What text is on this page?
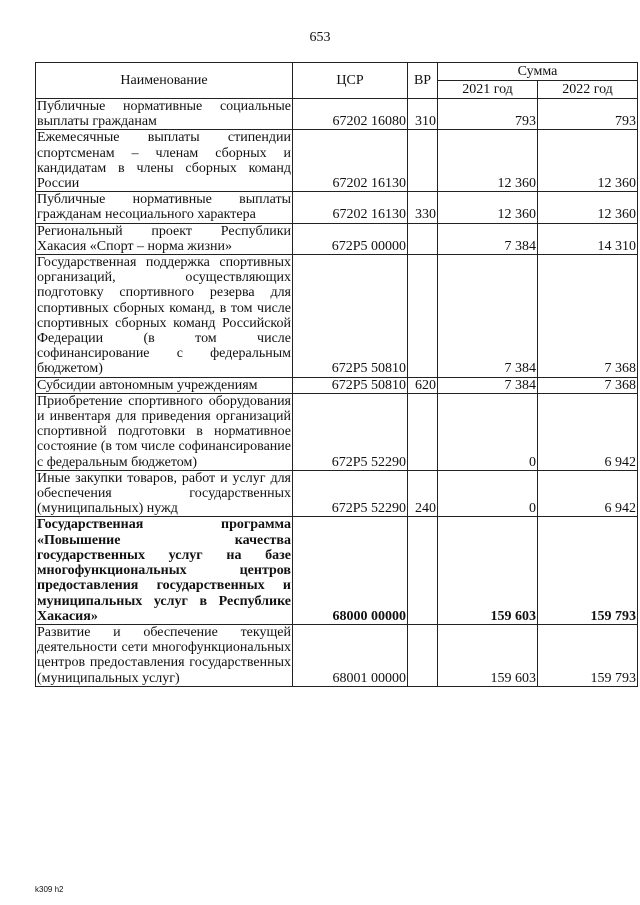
653
Наименование	ЦСР	ВР	Сумма	
			2021 год	2022 год
Публичные нормативные социальные выплаты гражданам	67202 16080	310	793	793
Ежемесячные выплаты стипендии спортсменам – членам сборных и кандидатам в члены сборных команд России	67202 16130		12 360	12 360
Публичные нормативные выплаты гражданам несоциального характера	67202 16130	330	12 360	12 360
Региональный проект Республики Хакасия «Спорт – норма жизни»	672P5 00000		7 384	14 310
Государственная поддержка спортивных организаций, осуществляющих подготовку спортивного резерва для спортивных сборных команд, в том числе спортивных сборных команд Российской Федерации (в том числе софинансирование с федеральным бюджетом)	672P5 50810		7 384	7 368
Субсидии автономным учреждениям	672P5 50810	620	7 384	7 368
Приобретение спортивного оборудования и инвентаря для приведения организаций спортивной подготовки в нормативное состояние (в том числе софинансирование с федеральным бюджетом)	672P5 52290		0	6 942
Иные закупки товаров, работ и услуг для обеспечения государственных (муниципальных) нужд	672P5 52290	240	0	6 942
Государственная программа «Повышение качества государственных услуг на базе многофункциональных центров предоставления государственных и муниципальных услуг в Республике Хакасия»	68000 00000		159 603	159 793
Развитие и обеспечение текущей деятельности сети многофункциональных центров предоставления государственных (муниципальных услуг)	68001 00000		159 603	159 793
k309 h2
